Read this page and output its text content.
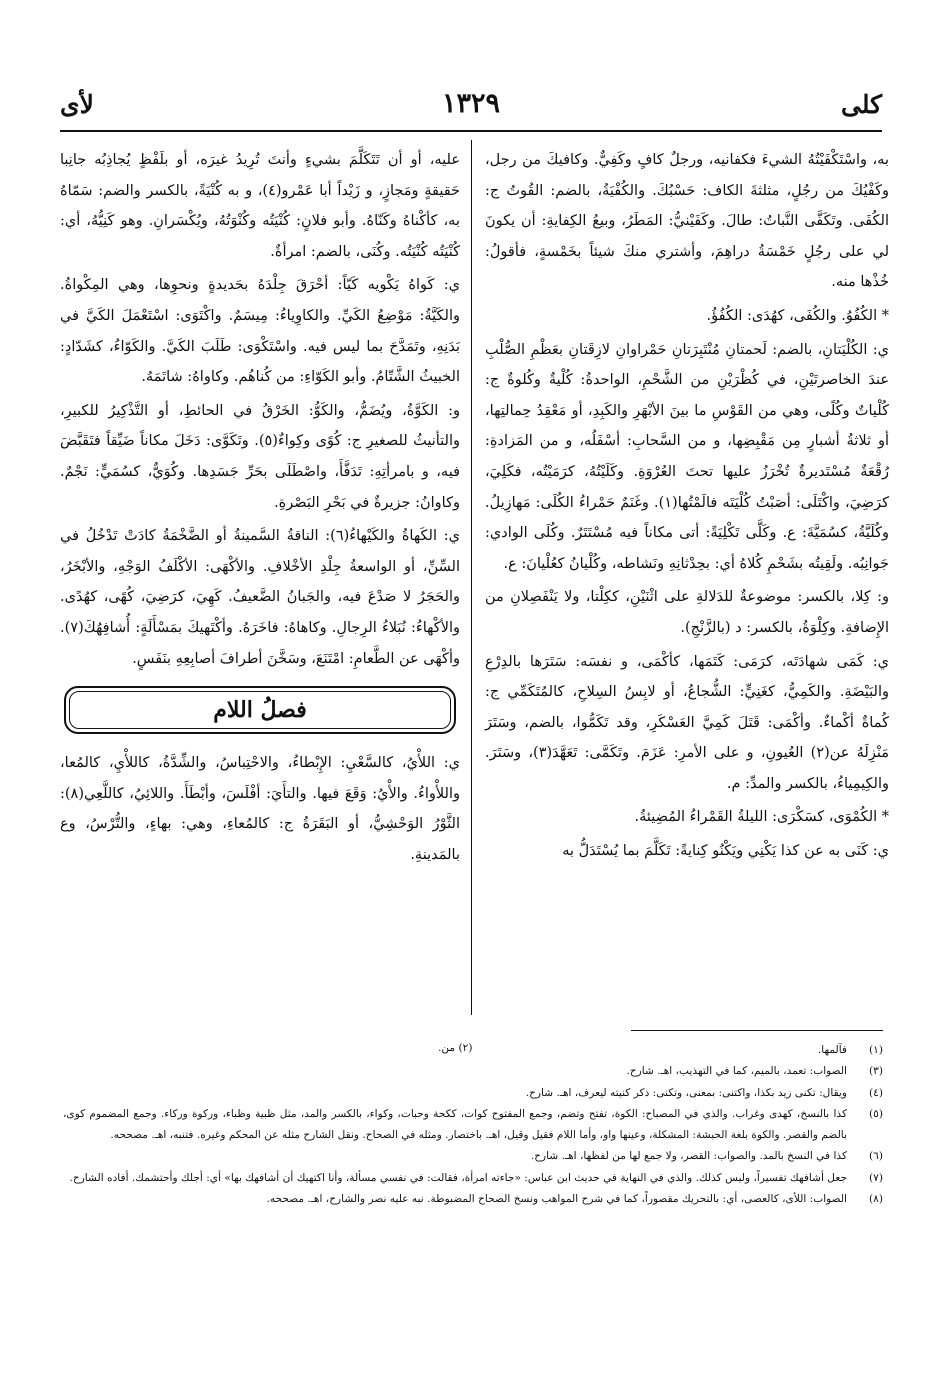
كلى
١٣٢٩
لأى

به، واسْتَكْفَيْتُهُ الشيءَ فكفانيه، ورجلٌ كافٍ وكَفِيٌّ. وكافيكَ من رجل، وكَفْيُكَ من رجُلٍ، مثلثةَ الكاف: حَسْبُكَ. والكُفْيَةُ، بالضم: القُوتُ ج: الكُفَى. وتَكَفَّى النَّباتُ: طالَ. وكَفَيْنيُّ: المَطَرُ، وبيعُ الكِفايةِ: أن يكونَ لي على رجُلٍ خَمْسَةُ دراهِمَ، وأشتري منكَ شيئاً بخَمْسةٍ، فأقولُ: خُذْها منه.

* الكُفُوُ. والكُفَى، كهُدَى: الكُفُؤُ.

ي: الكُلْيَتانِ، بالضم: لَحمتانِ مُنْتَبِرَتانِ حَمْراوانِ لازِقَتانِ بعَظْمِ الصُّلْبِ عندَ الخاصرتَيْنِ، في كُظْرَيْنِ من الشَّحْمِ، الواحدةُ: كُلْيةٌ وكُلوةٌ ج: كُلْياتٌ وكُلًى، وهي من القَوْسِ ما بينَ الأبْهَرِ والكَبِدِ، أو مَعْقِدُ حِمالتِها، أو ثلاثةُ أشبارٍ مِن مَقْبِضِها، و من السَّحابِ: أسْفَلُه، و من المَزادةِ: رُقْعَةٌ مُسْتَديرةٌ تُخْرَزُ عليها تحتَ العُرْوَةِ. وكَلَيْتُهُ، كرَمَيْتُه، فكَلِيَ، كرَضِيَ، واكْتَلَى: أصَبْتُ كُلْيَتَه فالَمْتُها(١). وغَنَمٌ حَمْراءُ الكُلَى: مَهازِيلُ. وكُلَيَّةُ، كسُمَيَّةَ: ع. وكَلَّى تَكْلِيَةً: أتى مكاناً فيه مُسْتَتَرٌ. وكُلَى الوادي: جَوانِبُه. ولَقِيتُه بشَحْمِ كُلاهُ أي: بحِدْثانِهِ ونَشاطه، وكُلْيانُ كعُلْيانَ: ع.

و: كِلا، بالكسر: موضوعةٌ للدَلالةِ على اثْنَيْنِ، ككِلْتا، ولا يَنْفَصِلانِ من الإِضافةِ. وكِلْوَةُ، بالكسر: د (بالزَّنْجِ).

ي: كَمَى شهادَتَه، كرَمَى: كَتَمَها، كأكْمَى، و نفسَه: سَتَرَها بالدِرْعِ والبَيْضَةِ. والكَمِيُّ، كغَنِيٍّ: الشُّجاعُ، أو لابِسُ السِلاحِ، كالمُتَكَمِّي ج: كُماةٌ أكْماءٌ. وأكْمَى: قَتَلَ كَمِيَّ العَسْكَرِ، وقد تَكَمُّوا، بالضم، وسَتَرَ مَنْزِلَهُ عن(٢) العُيونِ، و على الأمرِ: عَزَمَ. وتَكَمَّى: تَعَهَّدَ(٣)، وسَتَرَ. والكِيمِياءُ، بالكسر والمدِّ: م.

* الكُمْوَى، كسَكْرَى: الليلةُ القَمْراءُ المُضِيئةُ.

ي: كَنَى به عن كذا يَكْنِي ويَكْنُو كِنايةً: تَكَلَّمَ بما يُسْتَدَلُّ به

عليه، أو أن تَتَكَلَّمَ بشيءٍ وأنتَ تُرِيدُ غيرَه، أو بلَفْظٍ يُجاذِبُه جانِبا حَقيقةٍ ومَجازٍ، و زَيْداً أبا عَمْرو(٤)، و به كُنْيَةً، بالكسر والضم: سَمّاهُ به، كأكْناهُ وكَنّاهُ. وأبو فلانٍ: كُنْيَتُه وكُنْوَتُهُ، ويُكْسَرانِ. وهو كَنِيُّهُ، أي: كُنْيَتُه كُنْيَتُه. وكُنَى، بالضم: امرأةٌ.

ي: كَواهُ يَكْويه كَيّاً: أحْرَقَ جِلْدَهُ بحَديدةٍ ونحوِها، وهي المِكْواةُ. والكَيَّةُ: مَوْضِعُ الكَيِّ. والكاوِياءُ: مِيسَمٌ. واكْتَوَى: اسْتَعْمَلَ الكَيَّ في بَدَنِهِ، وتَمَدَّحَ بما ليس فيه. واسْتَكْوَى: طَلَبَ الكَيَّ. والكَوّاءُ، كشَدّادٍ: الخبيثُ الشَّتّامُ. وأبو الكَوّاءِ: من كُناهُم. وكاواهُ: شاتَمَهُ.

و: الكَوَّةُ، ويُضَمُّ، والكَوُّ: الخَرْقُ في الحائطِ، أو التَّذْكِيرُ للكبيرِ، والتأنيثُ للصغيرِ ج: كُوًى وكِواءٌ(٥). وتَكَوَّى: دَخَلَ مكاناً ضَيِّقاً فتَقَبَّضَ فيه، و بامرأتِهِ: تَدَفَّأَ، واصْطَلَى بحَرِّ جَسَدِها. وكُوَيٌّ، كسُمَيٍّ: نَجْمٌ. وكاوانُ: جزيرةٌ في بَحْرِ البَصْرةِ.

ي: الكَهاةُ والكَيْهاءُ(٦): الناقةُ السَّمينةُ أو الضَّخْمَةُ كادَتْ تَدْخُلُ في السِّنِّ، أو الواسعةُ جِلْدِ الأخْلافِ. والأكْهَى: الأكْلَفُ الوَجْهِ، والأبْخَرُ، والحَجَرُ لا صَدْعَ فيه، والجَبانُ الضَّعيفُ. كَهِيَ، كرَضِيَ، كُهًى، كهُدًى. والأكْهاءُ: نُبَلاءُ الرِجالِ. وكاهاهُ: فاخَرَهُ. وأكْتَهيكَ بمَسْأَلَةٍ: أُشافِهُكَ(٧). وأكْهَى عن الطَّعامِ: امْتَنَعَ، وسَخَّنَ أطرافَ أصابِعِهِ بنَفَسٍ.

فصلُ اللام

ي: اللأْيُ، كالسَّعْيِ: الإِبْطاءُ، والاحْتِباسُ، والشِّدَّةُ، كاللأْيِ، كالمُعا، واللأْواءُ. والأْيُ: وَقَعَ فيها. والتأَيَ: أفْلَسَ، وأبْطَأَ. واللائِيُ، كاللَّعِي(٨): الثَّوْرُ الوَحْشِيُّ، أو البَقَرَةُ ج: كالمُعاءِ، وهي: بهاءٍ، والتُّرْسُ، وع بالمَدينةِ.

(٢) من.	(١)
فآلمها.
(٣)
الصواب: تعمد، بالميم، كما في التهذيب، اهـ. شارح.
(٤)
ويقال: تكنى زيد بكذا، واكتنى: بمعنى، وتكنى: ذكر كنيته ليعرف، اهـ. شارح.
(٥)
كذا بالنسخ، كهدى وغراب. والذي في المصباح: الكوة، تفتح وتضم، وجمع المفتوح كوات، ككحة وحبات، وكواء، بالكسر والمد، مثل ظبية وظباء، وركوة وركاء. وجمع المضموم كوى، بالضم والقصر. والكوة بلغة الحبشة: المشكلة، وعينها واو، وأما اللام فقيل وقيل، اهـ. باختصار. ومثله في الصحاح. ونقل الشارح مثله عن المحكم وغيره. فتنبه، اهـ. مصححه.
(٦)
كذا في النسخ بالمد. والصواب: القصر، ولا جمع لها من لفظها، اهـ. شارح.
(٧)
جعل أشافهك تفسيراً، وليس كذلك. والذي في النهاية في حديث ابن عباس: «جاءته امرأة، فقالت: في نفسي مسألة، وأنا اكتهيك أن أشافهك بها» أي: أجلك وأحتشمك. أفاده الشارح.
(٨)
الصواب: اللأى، كالعصى، أي: بالتحريك مقصوراً، كما في شرح المواهب ونسخ الصحاح المضبوطة. نبه عليه نصر والشارح، اهـ. مصححه.
